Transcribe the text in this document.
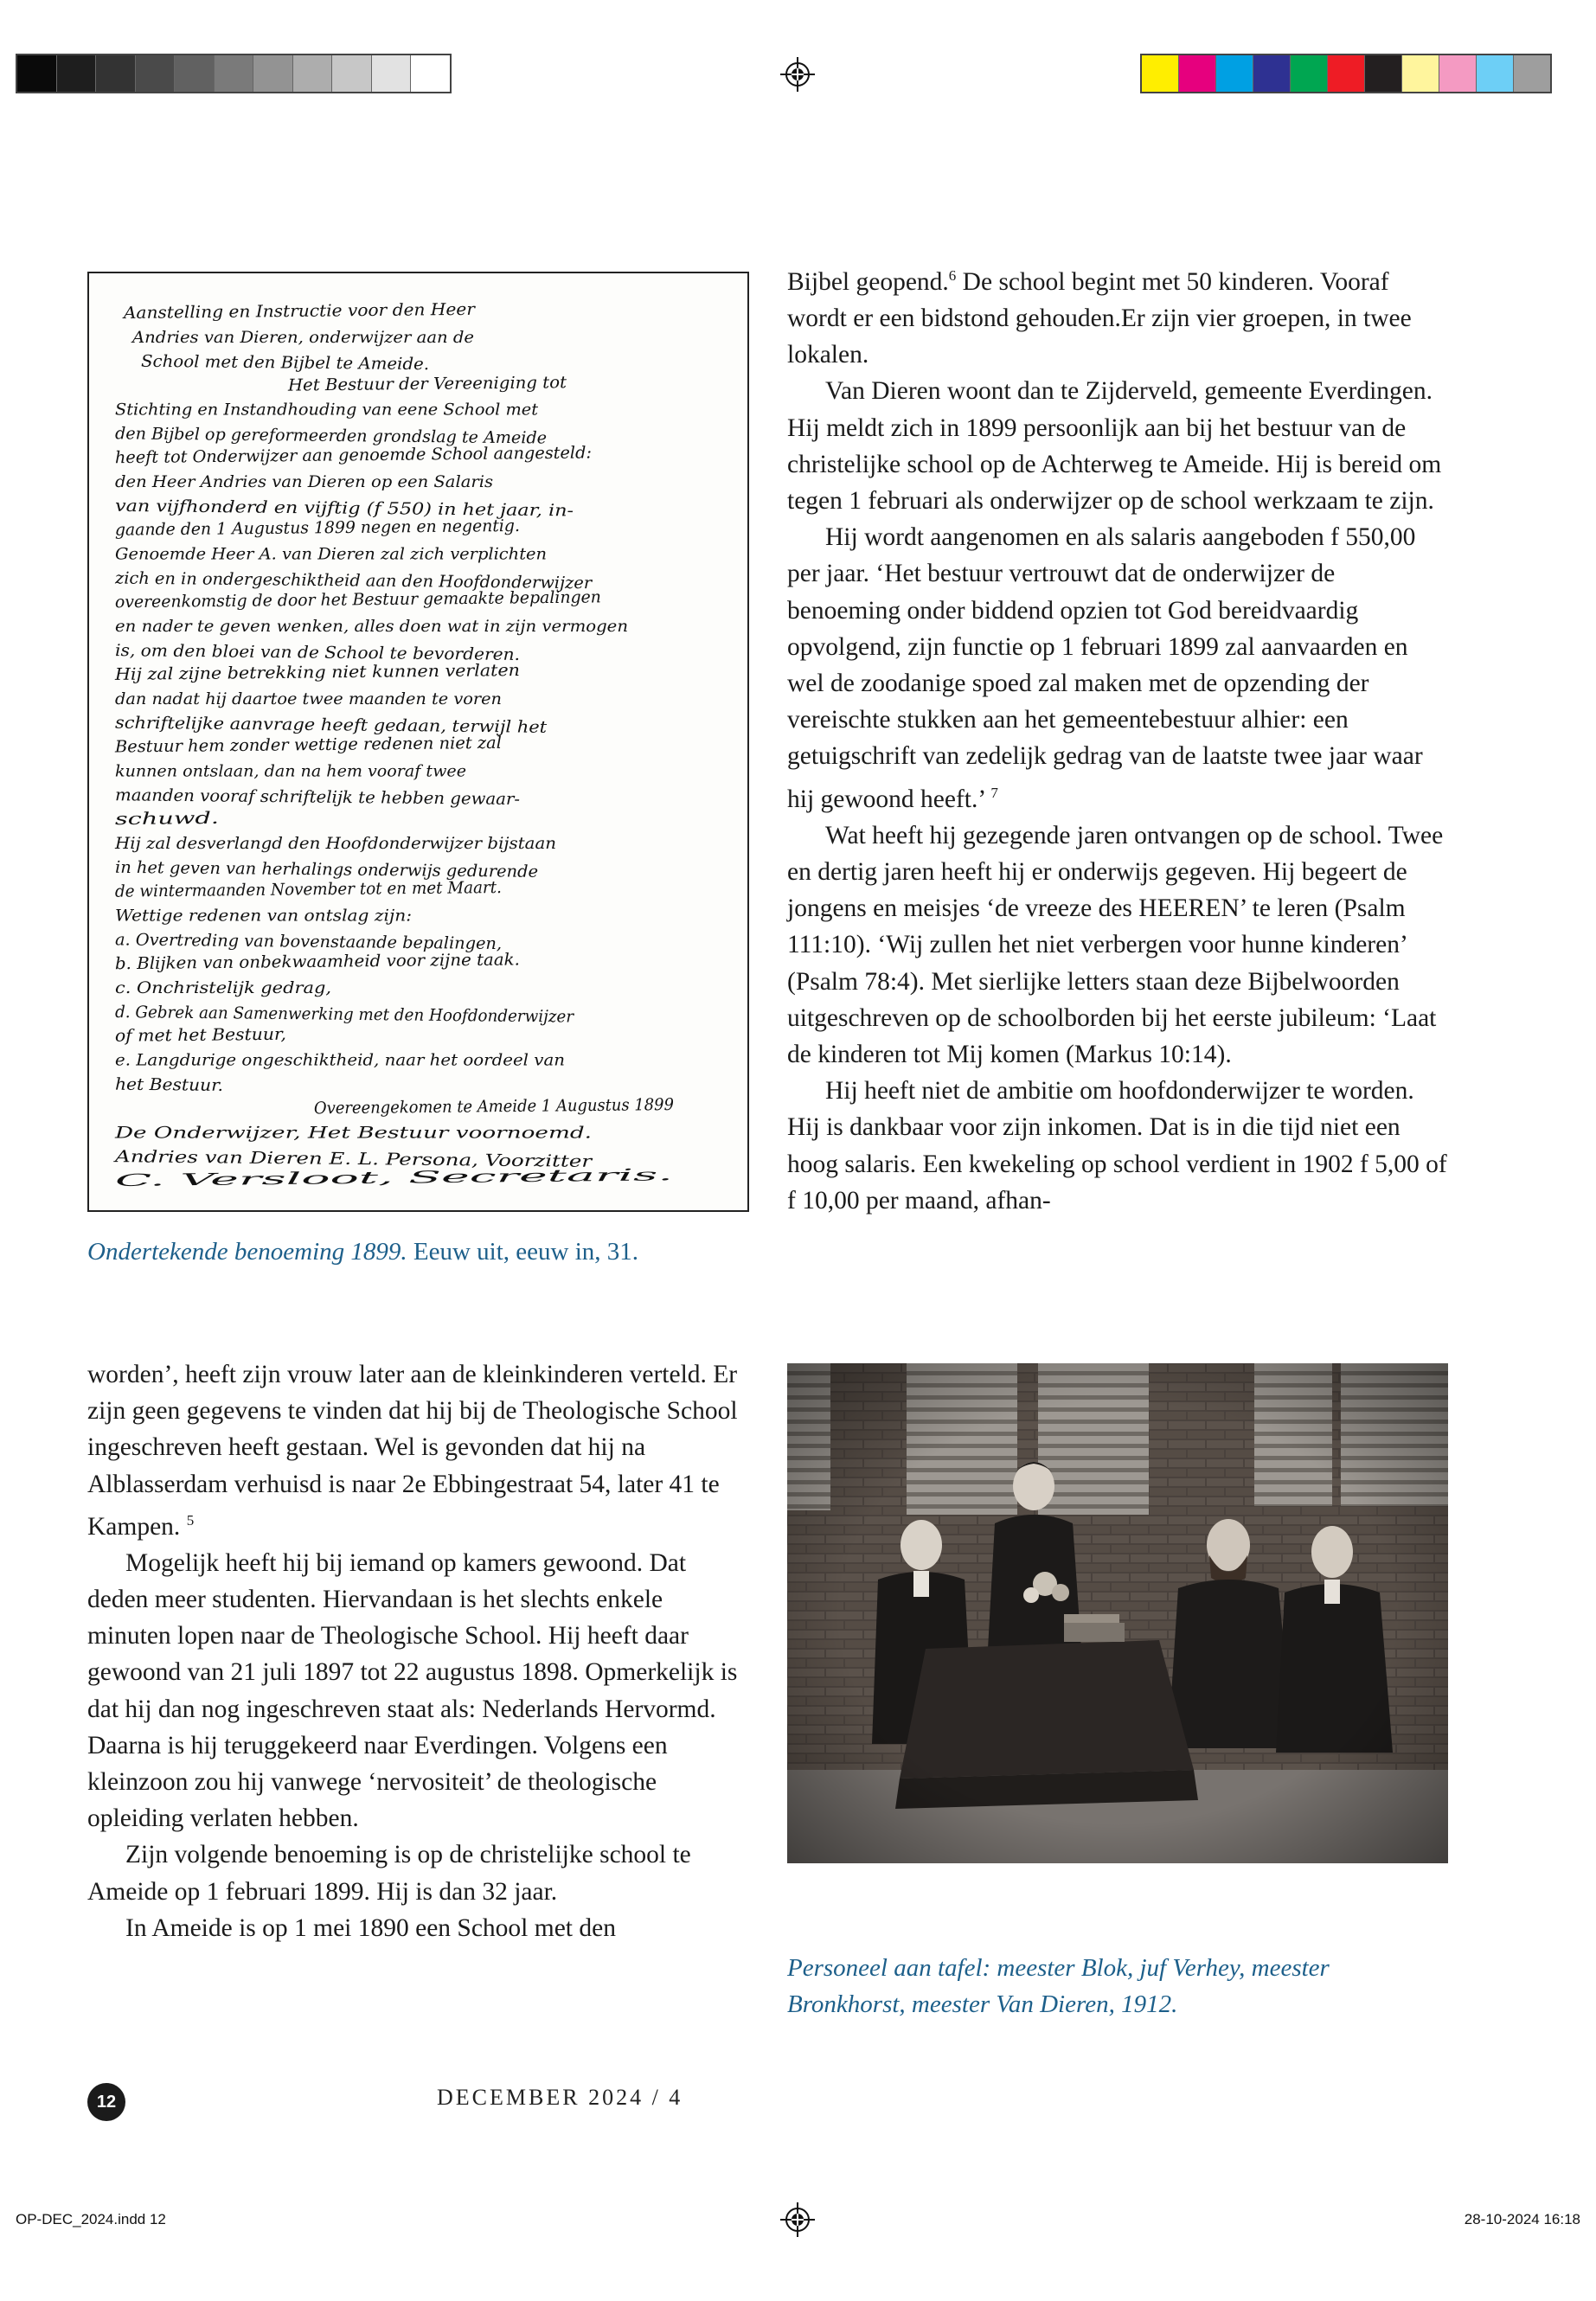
Aanstelling en Instructie voor den Heer
Andries van Dieren, onderwijzer aan de
School met den Bijbel te Ameide.
Het Bestuur der Vereeniging tot
Stichting en Instandhouding van eene School met
den Bijbel op gereformeerden grondslag te Ameide
heeft tot Onderwijzer aan genoemde School aangesteld:
den Heer Andries van Dieren op een Salaris
van vijfhonderd en vijftig (f 550) in het jaar, in-
gaande den 1 Augustus 1899 negen en negentig.
Genoemde Heer A. van Dieren zal zich verplichten
zich en in ondergeschiktheid aan den Hoofdonderwijzer
overeenkomstig de door het Bestuur gemaakte bepalingen
en nader te geven wenken, alles doen wat in zijn vermogen
is, om den bloei van de School te bevorderen.
Hij zal zijne betrekking niet kunnen verlaten
dan nadat hij daartoe twee maanden te voren
schriftelijke aanvrage heeft gedaan, terwijl het
Bestuur hem zonder wettige redenen niet zal
kunnen ontslaan, dan na hem vooraf twee
maanden vooraf schriftelijk te hebben gewaar-
schuwd.
Hij zal desverlangd den Hoofdonderwijzer bijstaan
in het geven van herhalings onderwijs gedurende
de wintermaanden November tot en met Maart.
Wettige redenen van ontslag zijn:
a. Overtreding van bovenstaande bepalingen,
b. Blijken van onbekwaamheid voor zijne taak.
c. Onchristelijk gedrag,
d. Gebrek aan Samenwerking met den Hoofdonderwijzer
of met het Bestuur,
e. Langdurige ongeschiktheid, naar het oordeel van
het Bestuur.
Overeengekomen te Ameide 1 Augustus 1899
De Onderwijzer, Het Bestuur voornoemd.
Andries van Dieren E. L. Persona, Voorzitter
C. Versloot, Secretaris.
Ondertekende benoeming 1899. Eeuw uit, eeuw in, 31.

Bijbel geopend.$^6$ De school begint met 50 kinderen. Vooraf wordt er een bidstond gehouden.Er zijn vier groepen, in twee lokalen.

Van Dieren woont dan te Zijderveld, gemeente Everdingen. Hij meldt zich in 1899 persoonlijk aan bij het bestuur van de christelijke school op de Achterweg te Ameide. Hij is bereid om tegen 1 februari als onderwijzer op de school werkzaam te zijn.

Hij wordt aangenomen en als salaris aangeboden f 550,00 per jaar. ‘Het bestuur vertrouwt dat de onderwijzer de benoeming onder biddend opzien tot God bereidvaardig opvolgend, zijn functie op 1 februari 1899 zal aanvaarden en wel de zoodanige spoed zal maken met de opzending der vereischte stukken aan het gemeentebestuur alhier: een getuigschrift van zedelijk gedrag van de laatste twee jaar waar hij gewoond heeft.’ $^7$

Wat heeft hij gezegende jaren ontvangen op de school. Twee en dertig jaren heeft hij er onderwijs gegeven. Hij begeert de jongens en meisjes ‘de vreeze des HEEREN’ te leren (Psalm 111:10). ‘Wij zullen het niet verbergen voor hunne kinderen’ (Psalm 78:4). Met sierlijke letters staan deze Bijbelwoorden uitgeschreven op de schoolborden bij het eerste jubileum: ‘Laat de kinderen tot Mij komen (Markus 10:14).

Hij heeft niet de ambitie om hoofdonderwijzer te worden. Hij is dankbaar voor zijn inkomen. Dat is in die tijd niet een hoog salaris. Een kwekeling op school verdient in 1902 f 5,00 of f 10,00 per maand, afhan-

worden’, heeft zijn vrouw later aan de kleinkinderen verteld. Er zijn geen gegevens te vinden dat hij bij de Theologische School ingeschreven heeft gestaan. Wel is gevonden dat hij na Alblasserdam verhuisd is naar 2e Ebbingestraat 54, later 41 te Kampen. $^5$

Mogelijk heeft hij bij iemand op kamers gewoond. Dat deden meer studenten. Hiervandaan is het slechts enkele minuten lopen naar de Theologische School. Hij heeft daar gewoond van 21 juli 1897 tot 22 augustus 1898. Opmerkelijk is dat hij dan nog ingeschreven staat als: Nederlands Hervormd. Daarna is hij teruggekeerd naar Everdingen. Volgens een kleinzoon zou hij vanwege ‘nervositeit’ de theologische opleiding verlaten hebben.

Zijn volgende benoeming is op de christelijke school te Ameide op 1 februari 1899. Hij is dan 32 jaar.

In Ameide is op 1 mei 1890 een School met den

Personeel aan tafel: meester Blok, juf Verhey, meester
Bronkhorst, meester Van Dieren, 1912.
12	DECEMBER 2024 / 4
OP-DEC_2024.indd 12	28-10-2024 16:18
